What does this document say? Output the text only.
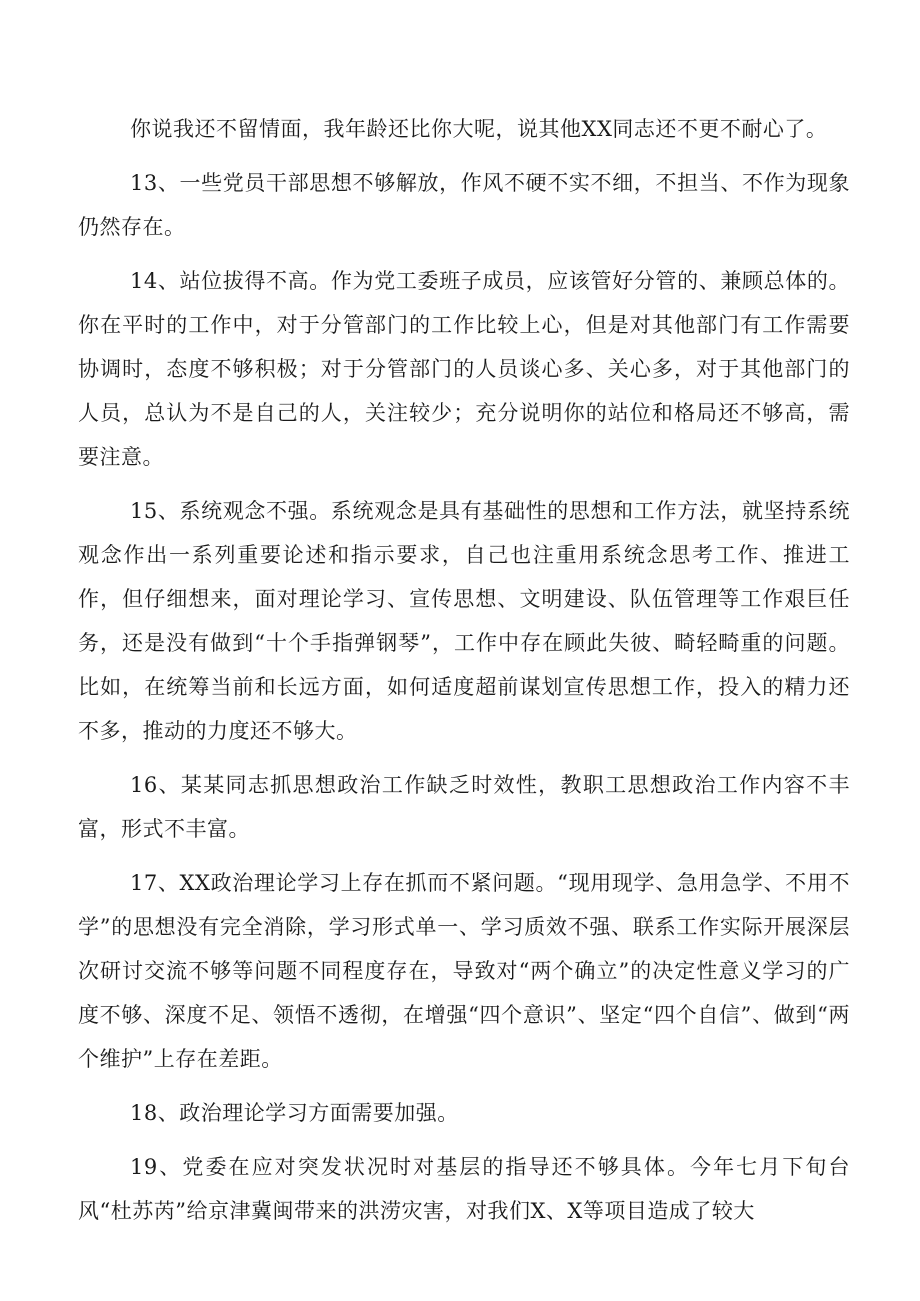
你说我还不留情面，我年龄还比你大呢，说其他XX同志还不更不耐心了。

13、一些党员干部思想不够解放，作风不硬不实不细，不担当、不作为现象仍然存在。

14、站位拔得不高。作为党工委班子成员，应该管好分管的、兼顾总体的。你在平时的工作中，对于分管部门的工作比较上心，但是对其他部门有工作需要协调时，态度不够积极；对于分管部门的人员谈心多、关心多，对于其他部门的人员，总认为不是自己的人，关注较少；充分说明你的站位和格局还不够高，需要注意。

15、系统观念不强。系统观念是具有基础性的思想和工作方法，就坚持系统观念作出一系列重要论述和指示要求，自己也注重用系统念思考工作、推进工作，但仔细想来，面对理论学习、宣传思想、文明建设、队伍管理等工作艰巨任务，还是没有做到“十个手指弹钢琴”，工作中存在顾此失彼、畸轻畸重的问题。比如，在统筹当前和长远方面，如何适度超前谋划宣传思想工作，投入的精力还不多，推动的力度还不够大。

16、某某同志抓思想政治工作缺乏时效性，教职工思想政治工作内容不丰富，形式不丰富。

17、XX政治理论学习上存在抓而不紧问题。“现用现学、急用急学、不用不学”的思想没有完全消除，学习形式单一、学习质效不强、联系工作实际开展深层次研讨交流不够等问题不同程度存在，导致对“两个确立”的决定性意义学习的广度不够、深度不足、领悟不透彻，在增强“四个意识”、坚定“四个自信”、做到“两个维护”上存在差距。

18、政治理论学习方面需要加强。

19、党委在应对突发状况时对基层的指导还不够具体。今年七月下旬台风“杜苏芮”给京津冀闽带来的洪涝灾害，对我们X、X等项目造成了较大
